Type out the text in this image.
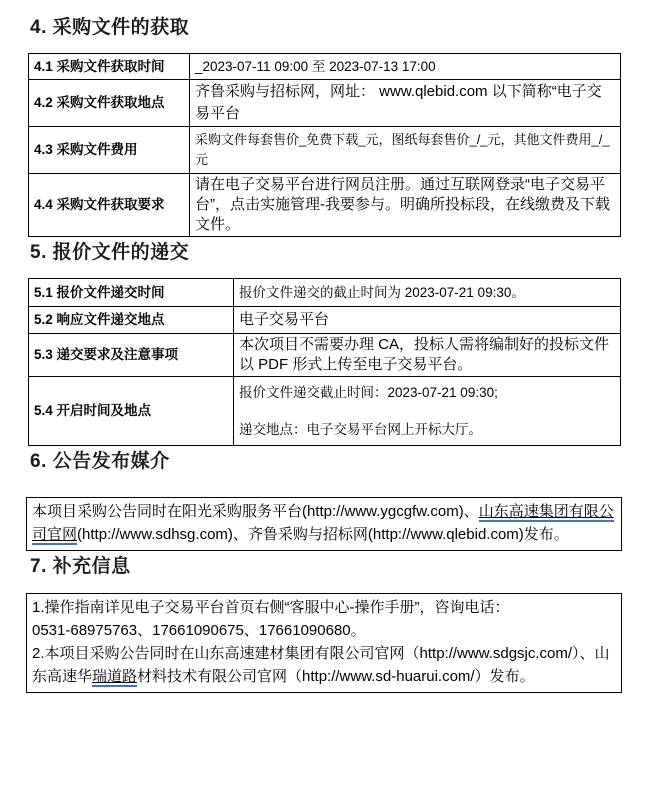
4. 采购文件的获取
4.1 采购文件获取时间	_2023-07-11 09:00 至 2023-07-13 17:00
4.2 采购文件获取地点	齐鲁采购与招标网，网址： www.qlebid.com 以下简称“电子交易平台
4.3 采购文件费用	采购文件每套售价_免费下载_元，图纸每套售价_/_元，其他文件费用_/_元
4.4 采购文件获取要求	请在电子交易平台进行网员注册。通过互联网登录“电子交易平台”，点击实施管理-我要参与。明确所投标段，在线缴费及下载文件。
5. 报价文件的递交
5.1 报价文件递交时间	报价文件递交的截止时间为 2023-07-21 09:30。
5.2 响应文件递交地点	电子交易平台
5.3 递交要求及注意事项	本次项目不需要办理 CA，投标人需将编制好的投标文件以 PDF 形式上传至电子交易平台。
5.4 开启时间及地点	报价文件递交截止时间：2023-07-21 09:30;

递交地点：电子交易平台网上开标大厅。

6. 公告发布媒介
本项目采购公告同时在阳光采购服务平台(http://www.ygcgfw.com)、山东高速集团有限公司官网(http://www.sdhsg.com)、齐鲁采购与招标网(http://www.qlebid.com)发布。
7. 补充信息
1.操作指南详见电子交易平台首页右侧“客服中心-操作手册”，咨询电话：
0531-68975763、17661090675、17661090680。
2.本项目采购公告同时在山东高速建材集团有限公司官网（http://www.sdgsjc.com/）、山东高速华瑞道路材料技术有限公司官网（http://www.sd-huarui.com/）发布。
